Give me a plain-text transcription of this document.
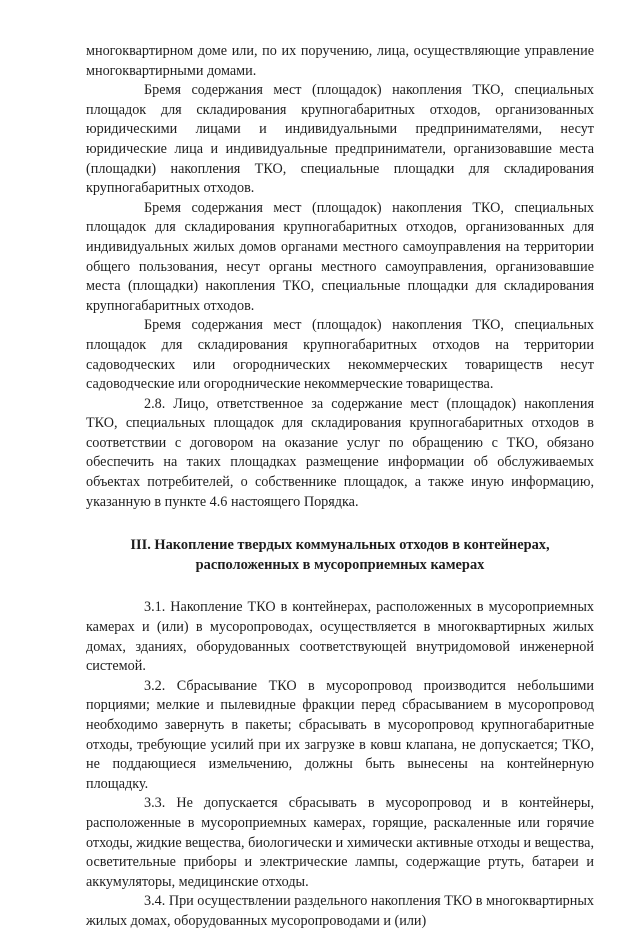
многоквартирном доме или, по их поручению, лица, осуществляющие управление многоквартирными домами.

Бремя содержания мест (площадок) накопления ТКО, специальных площадок для складирования крупногабаритных отходов, организованных юридическими лицами и индивидуальными предпринимателями, несут юридические лица и индивидуальные предприниматели, организовавшие места (площадки) накопления ТКО, специальные площадки для складирования крупногабаритных отходов.

Бремя содержания мест (площадок) накопления ТКО, специальных площадок для складирования крупногабаритных отходов, организованных для индивидуальных жилых домов органами местного самоуправления на территории общего пользования, несут органы местного самоуправления, организовавшие места (площадки) накопления ТКО, специальные площадки для складирования крупногабаритных отходов.

Бремя содержания мест (площадок) накопления ТКО, специальных площадок для складирования крупногабаритных отходов на территории садоводческих или огороднических некоммерческих товариществ несут садоводческие или огороднические некоммерческие товарищества.

2.8. Лицо, ответственное за содержание мест (площадок) накопления ТКО, специальных площадок для складирования крупногабаритных отходов в соответствии с договором на оказание услуг по обращению с ТКО, обязано обеспечить на таких площадках размещение информации об обслуживаемых объектах потребителей, о собственнике площадок, а также иную информацию, указанную в пункте 4.6 настоящего Порядка.

III. Накопление твердых коммунальных отходов в контейнерах,
расположенных в мусороприемных камерах

3.1. Накопление ТКО в контейнерах, расположенных в мусороприемных камерах и (или) в мусоропроводах, осуществляется в многоквартирных жилых домах, зданиях, оборудованных соответствующей внутридомовой инженерной системой.

3.2. Сбрасывание ТКО в мусоропровод производится небольшими порциями; мелкие и пылевидные фракции перед сбрасыванием в мусоропровод необходимо завернуть в пакеты; сбрасывать в мусоропровод крупногабаритные отходы, требующие усилий при их загрузке в ковш клапана, не допускается; ТКО, не поддающиеся измельчению, должны быть вынесены на контейнерную площадку.

3.3. Не допускается сбрасывать в мусоропровод и в контейнеры, расположенные в мусороприемных камерах, горящие, раскаленные или горячие отходы, жидкие вещества, биологически и химически активные отходы и вещества, осветительные приборы и электрические лампы, содержащие ртуть, батареи и аккумуляторы, медицинские отходы.

3.4. При осуществлении раздельного накопления ТКО в многоквартирных жилых домах, оборудованных мусоропроводами и (или)
